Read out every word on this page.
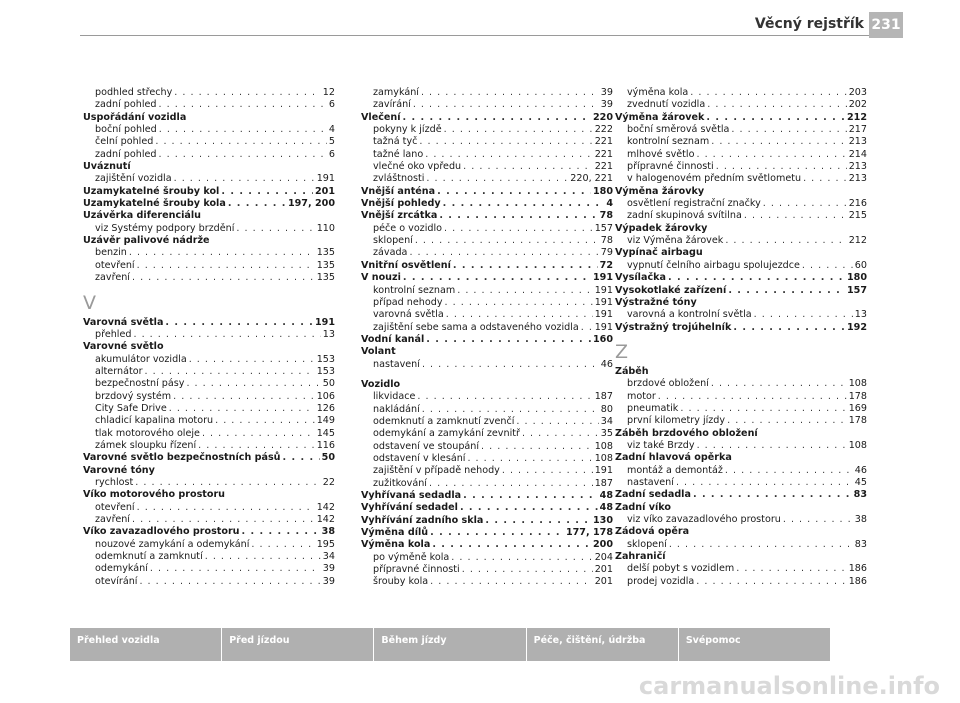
Věcný rejstřík 231
podhled střechy . . .	12
zadní pohled . . .	6
Uspořádání vozidla
boční pohled . . .	4
čelní pohled . . .	5
zadní pohled . . .	6
Uváznutí
zajištění vozidla . . .	191
Uzamykatelné šrouby kol . . .	201
Uzamykatelné šrouby kola . . .	197, 200
Uzávěrka diferenciálu
viz Systémy podpory brzdění . . .	110
Uzávěr palivové nádrže
benzin . . .	135
otevření . . .	135
zavření . . .	135
V
Varovná světla . . .	191
přehled . . .	13
Varovné světlo
akumulátor vozidla . . .	153
alternátor . . .	153
bezpečnostní pásy . . .	50
brzdový systém . . .	106
City Safe Drive . . .	126
chladicí kapalina motoru . . .	149
tlak motorového oleje . . .	145
zámek sloupku řízení . . .	116
Varovné světlo bezpečnostních pásů . . .	50
Varovné tóny
rychlost . . .	22
Víko motorového prostoru
otevření . . .	142
zavření . . .	142
Víko zavazadlového prostoru . . .	38
nouzové zamykání a odemykání . . .	195
odemknutí a zamknutí . . .	34
odemykání . . .	39
otevírání . . .	39
zamykání . . .	39
zavírání . . .	39
Vlečení . . .	220
pokyny k jízdě . . .	222
tažná tyč . . .	221
tažné lano . . .	221
vlečné oko vpředu . . .	221
zvláštnosti . . .	220, 221
Vnější anténa . . .	180
Vnější pohledy . . .	4
Vnější zrcátka . . .	78
péče o vozidlo . . .	157
sklopení . . .	78
závada . . .	79
Vnitřní osvětlení . . .	72
V nouzi . . .	191
kontrolní seznam . . .	191
případ nehody . . .	191
varovná světla . . .	191
zajištění sebe sama a odstaveného vozidla . . . 191
Vodní kanál . . .	160
Volant
nastavení . . .	46
Vozidlo
likvidace . . .	187
nakládání . . .	80
odemknutí a zamknutí zvenčí . . .	34
odemykání a zamykání zevnitř . . .	35
odstavení ve stoupání . . .	108
odstavení v klesání . . .	108
zajištění v případě nehody . . .	191
zužitkování . . .	187
Vyhřívaná sedadla . . .	48
Vyhřívání sedadel . . .	48
Vyhřívání zadního skla . . .	130
Výměna dílů . . .	177, 178
Výměna kola . . .	200
po výměně kola . . .	204
přípravné činnosti . . .	201
šrouby kola . . .	201
výměna kola . . .	203
zvednutí vozidla . . .	202
Výměna žárovek . . .	212
boční směrová světla . . .	217
kontrolní seznam . . .	213
mlhové světlo . . .	214
přípravné činnosti . . .	213
v halogenovém předním světlometu . . .	213
Výměna žárovky
osvětlení registrační značky . . .	216
zadní skupinová svítilna . . .	215
Výpadek žárovky
viz Výměna žárovek . . .	212
Vypínač airbagu
vypnutí čelního airbagu spolujezdce . . .	60
Vysílačka . . .	180
Vysokotlaké zařízení . . .	157
Výstražné tóny
varovná a kontrolní světla . . .	13
Výstražný trojúhelník . . .	192
Z
Záběh
brzdové obložení . . .	108
motor . . .	178
pneumatik . . .	169
první kilometry jízdy . . .	178
Záběh brzdového obložení
viz také Brzdy . . .	108
Zadní hlavová opěrka
montáž a demontáž . . .	46
nastavení . . .	45
Zadní sedadla . . .	83
Zadní víko
viz víko zavazadlového prostoru . . .	38
Zádová opěra
sklopení . . .	83
Zahraničí
delší pobyt s vozidlem . . .	186
prodej vozidla . . .	186
Přehled vozidla	Před jízdou	Během jízdy	Péče, čištění, údržba	Svépomoc
carmanualsonline.info
